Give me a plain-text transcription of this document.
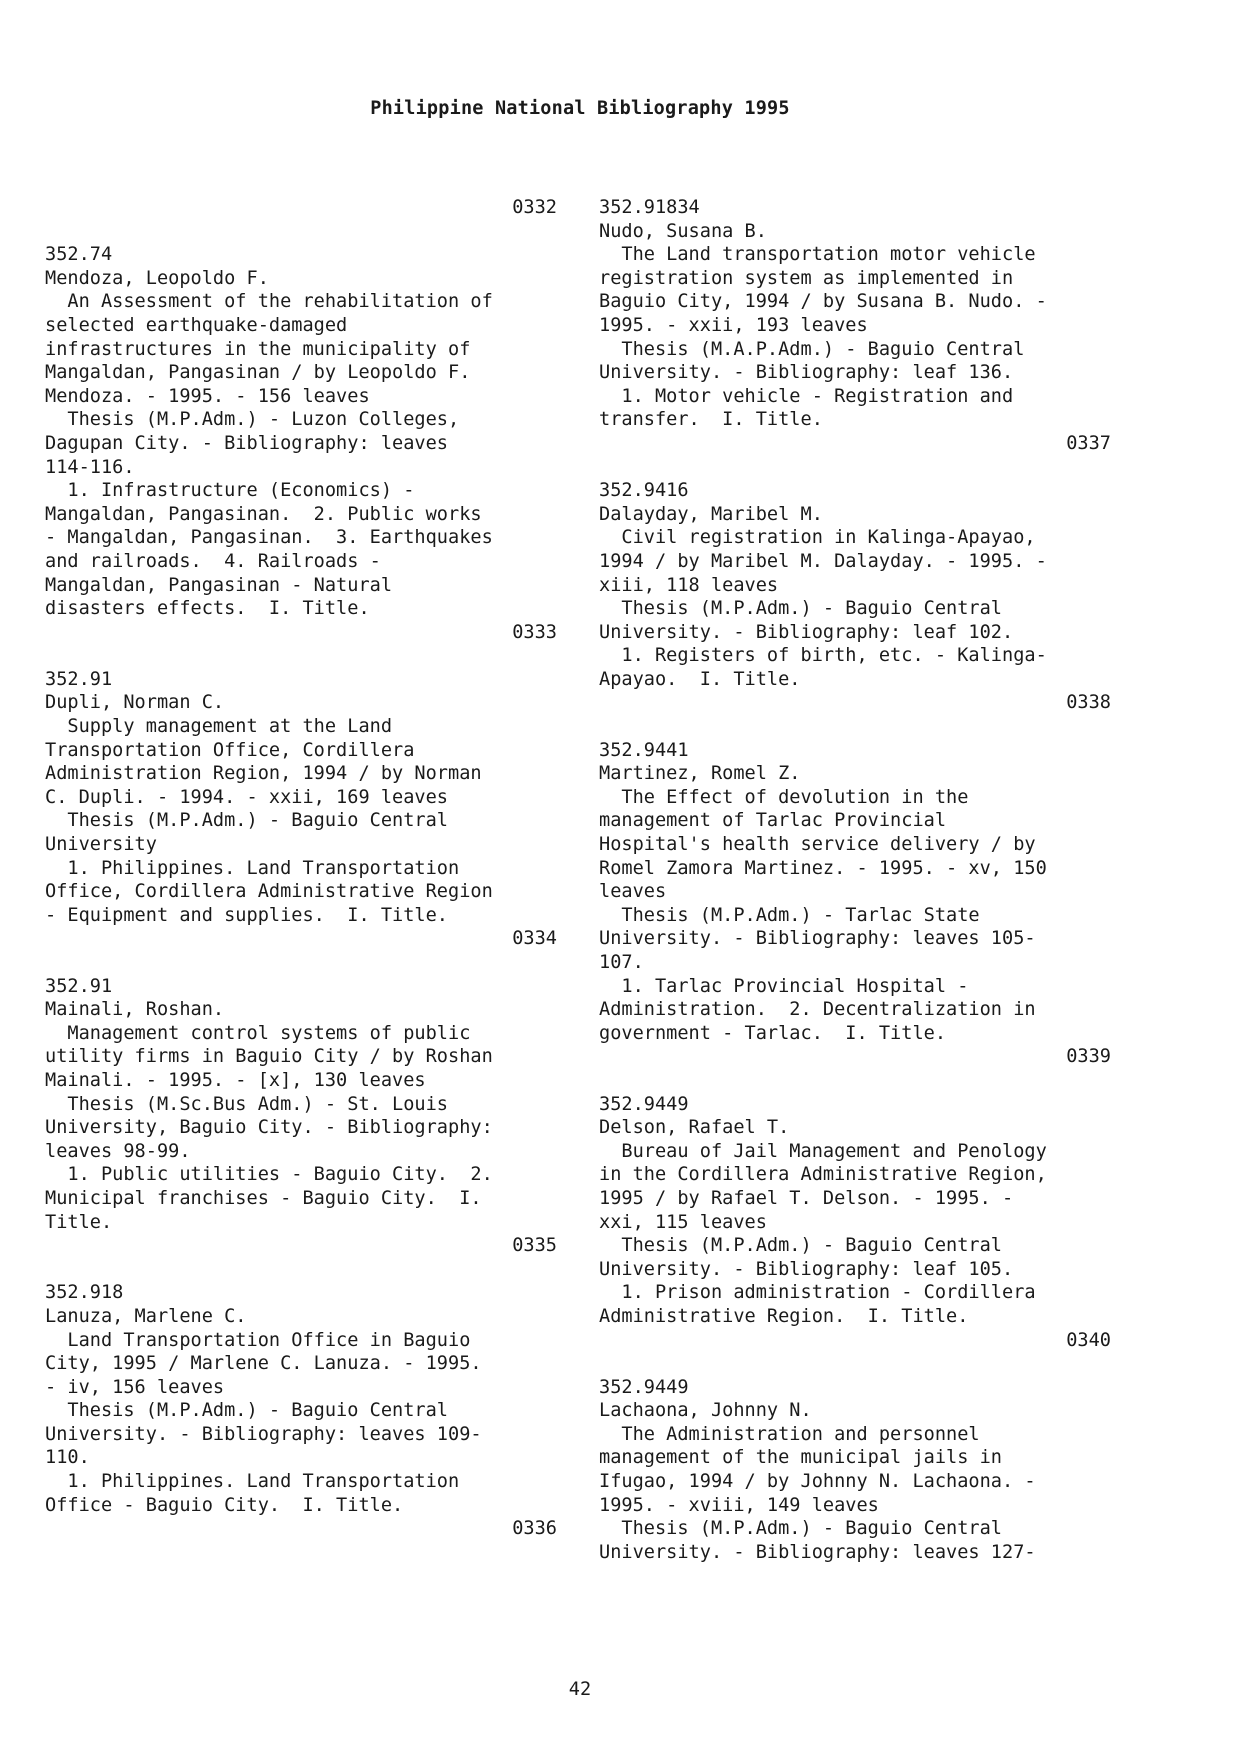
Philippine National Bibliography 1995
0332
352.74
Mendoza, Leopoldo F.
An Assessment of the rehabilitation of
selected earthquake-damaged
infrastructures in the municipality of
Mangaldan, Pangasinan / by Leopoldo F.
Mendoza. - 1995. - 156 leaves
Thesis (M.P.Adm.) - Luzon Colleges,
Dagupan City. - Bibliography: leaves
114-116.
1. Infrastructure (Economics) -
Mangaldan, Pangasinan.  2. Public works
- Mangaldan, Pangasinan.  3. Earthquakes
and railroads.  4. Railroads -
Mangaldan, Pangasinan - Natural
disasters effects.  I. Title.
0333
352.91
Dupli, Norman C.
Supply management at the Land
Transportation Office, Cordillera
Administration Region, 1994 / by Norman
C. Dupli. - 1994. - xxii, 169 leaves
Thesis (M.P.Adm.) - Baguio Central
University
1. Philippines. Land Transportation
Office, Cordillera Administrative Region
- Equipment and supplies.  I. Title.
0334
352.91
Mainali, Roshan.
Management control systems of public
utility firms in Baguio City / by Roshan
Mainali. - 1995. - [x], 130 leaves
Thesis (M.Sc.Bus Adm.) - St. Louis
University, Baguio City. - Bibliography:
leaves 98-99.
1. Public utilities - Baguio City.  2.
Municipal franchises - Baguio City.  I.
Title.
0335
352.918
Lanuza, Marlene C.
Land Transportation Office in Baguio
City, 1995 / Marlene C. Lanuza. - 1995.
- iv, 156 leaves
Thesis (M.P.Adm.) - Baguio Central
University. - Bibliography: leaves 109-
110.
1. Philippines. Land Transportation
Office - Baguio City.  I. Title.
0336
352.91834
Nudo, Susana B.
The Land transportation motor vehicle
registration system as implemented in
Baguio City, 1994 / by Susana B. Nudo. -
1995. - xxii, 193 leaves
Thesis (M.A.P.Adm.) - Baguio Central
University. - Bibliography: leaf 136.
1. Motor vehicle - Registration and
transfer.  I. Title.
0337
352.9416
Dalayday, Maribel M.
Civil registration in Kalinga-Apayao,
1994 / by Maribel M. Dalayday. - 1995. -
xiii, 118 leaves
Thesis (M.P.Adm.) - Baguio Central
University. - Bibliography: leaf 102.
1. Registers of birth, etc. - Kalinga-
Apayao.  I. Title.
0338
352.9441
Martinez, Romel Z.
The Effect of devolution in the
management of Tarlac Provincial
Hospital's health service delivery / by
Romel Zamora Martinez. - 1995. - xv, 150
leaves
Thesis (M.P.Adm.) - Tarlac State
University. - Bibliography: leaves 105-
107.
1. Tarlac Provincial Hospital -
Administration.  2. Decentralization in
government - Tarlac.  I. Title.
0339
352.9449
Delson, Rafael T.
Bureau of Jail Management and Penology
in the Cordillera Administrative Region,
1995 / by Rafael T. Delson. - 1995. -
xxi, 115 leaves
Thesis (M.P.Adm.) - Baguio Central
University. - Bibliography: leaf 105.
1. Prison administration - Cordillera
Administrative Region.  I. Title.
0340
352.9449
Lachaona, Johnny N.
The Administration and personnel
management of the municipal jails in
Ifugao, 1994 / by Johnny N. Lachaona. -
1995. - xviii, 149 leaves
Thesis (M.P.Adm.) - Baguio Central
University. - Bibliography: leaves 127-
42
